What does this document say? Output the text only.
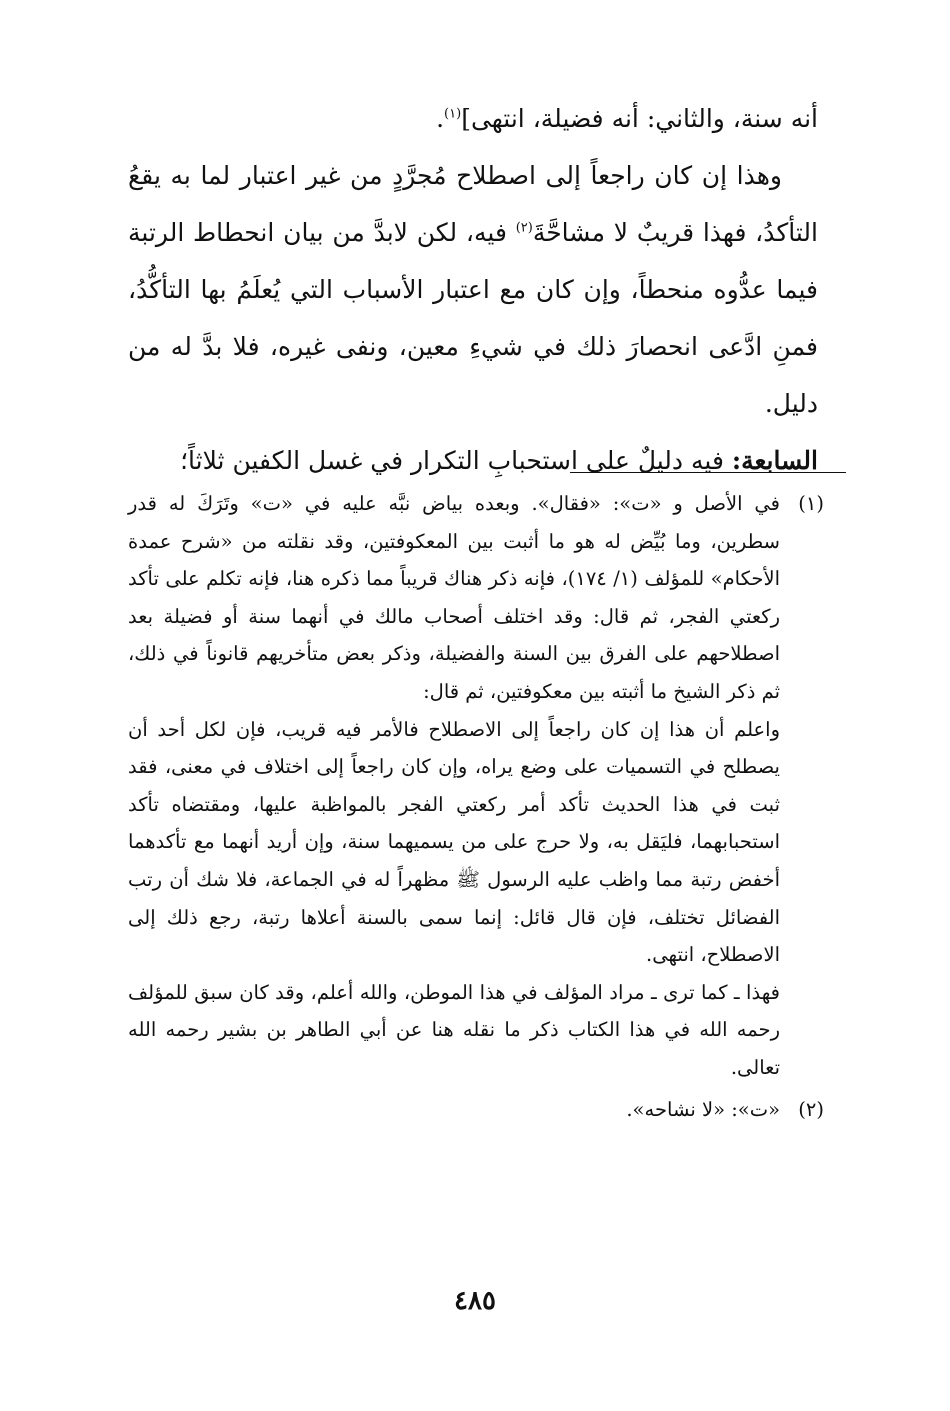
أنه سنة، والثاني: أنه فضيلة، انتهى]$^{(١)}$.

وهذا إن كان راجعاً إلى اصطلاح مُجرَّدٍ من غير اعتبار لما به يقعُ التأكدُ، فهذا قريبٌ لا مشاحَّةَ$^{(٢)}$ فيه، لكن لابدَّ من بيان انحطاط الرتبة فيما عدُّوه منحطاً، وإن كان مع اعتبار الأسباب التي يُعلَمُ بها التأكُّدُ، فمنِ ادَّعى انحصارَ ذلك في شيءِ معين، ونفى غيره، فلا بدَّ له من دليل.

السابعة: فيه دليلٌ على استحبابِ التكرار في غسل الكفين ثلاثاً؛

(١)
في الأصل و «ت»: «فقال». وبعده بياض نبَّه عليه في «ت» وتَرَكَ له قدر سطرين، وما بُيِّض له هو ما أثبت بين المعكوفتين، وقد نقلته من «شرح عمدة الأحكام» للمؤلف (١/ ١٧٤)، فإنه ذكر هناك قريباً مما ذكره هنا، فإنه تكلم على تأكد ركعتي الفجر، ثم قال: وقد اختلف أصحاب مالك في أنهما سنة أو فضيلة بعد اصطلاحهم على الفرق بين السنة والفضيلة، وذكر بعض متأخريهم قانوناً في ذلك، ثم ذكر الشيخ ما أثبته بين معكوفتين، ثم قال:

واعلم أن هذا إن كان راجعاً إلى الاصطلاح فالأمر فيه قريب، فإن لكل أحد أن يصطلح في التسميات على وضع يراه، وإن كان راجعاً إلى اختلاف في معنى، فقد ثبت في هذا الحديث تأكد أمر ركعتي الفجر بالمواظبة عليها، ومقتضاه تأكد استحبابهما، فليَقل به، ولا حرج على من يسميهما سنة، وإن أريد أنهما مع تأكدهما أخفض رتبة مما واظب عليه الرسول ﷺ مظهراً له في الجماعة، فلا شك أن رتب الفضائل تختلف، فإن قال قائل: إنما سمى بالسنة أعلاها رتبة، رجع ذلك إلى الاصطلاح، انتهى.

فهذا ـ كما ترى ـ مراد المؤلف في هذا الموطن، والله أعلم، وقد كان سبق للمؤلف رحمه الله في هذا الكتاب ذكر ما نقله هنا عن أبي الطاهر بن بشير رحمه الله تعالى.

(٢)
«ت»: «لا نشاحه».

٤٨٥
